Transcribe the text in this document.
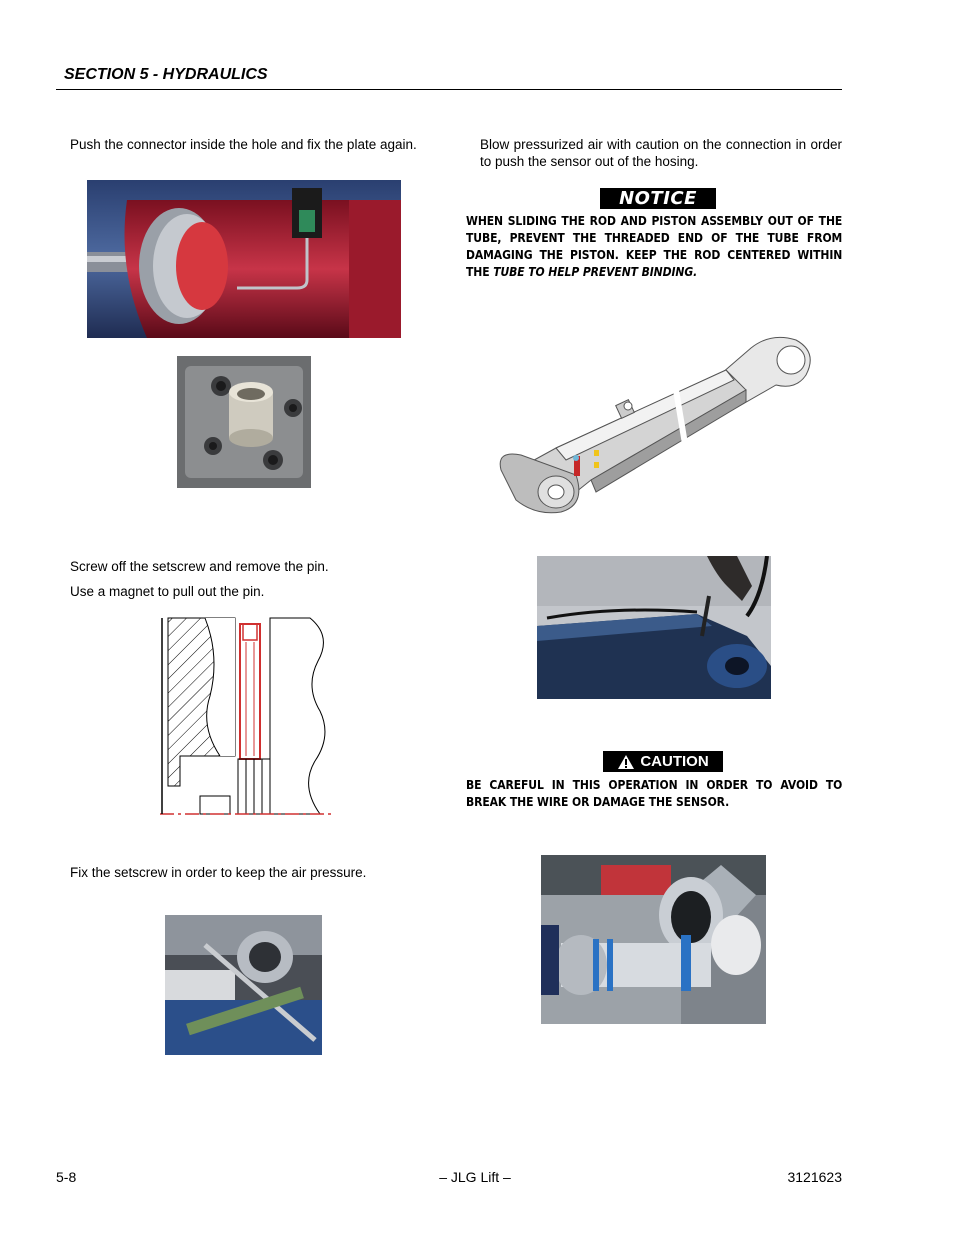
SECTION 5 - HYDRAULICS
Push the connector inside the hole and fix the plate again.
Screw off the setscrew and remove the pin.
Use a magnet to pull out the pin.
Fix the setscrew in order to keep the air pressure.
Blow pressurized air with caution on the connection in order to push the sensor out of the hosing.
NOTICE
WHEN SLIDING THE ROD AND PISTON ASSEMBLY OUT OF THE TUBE, PREVENT THE THREADED END OF THE TUBE FROM DAMAGING THE PISTON. KEEP THE ROD CENTERED WITHIN THE TUBE TO HELP PREVENT BINDING.
CAUTION
BE CAREFUL IN THIS OPERATION IN ORDER TO AVOID TO BREAK THE WIRE OR DAMAGE THE SENSOR.
5-8	– JLG Lift –	3121623
